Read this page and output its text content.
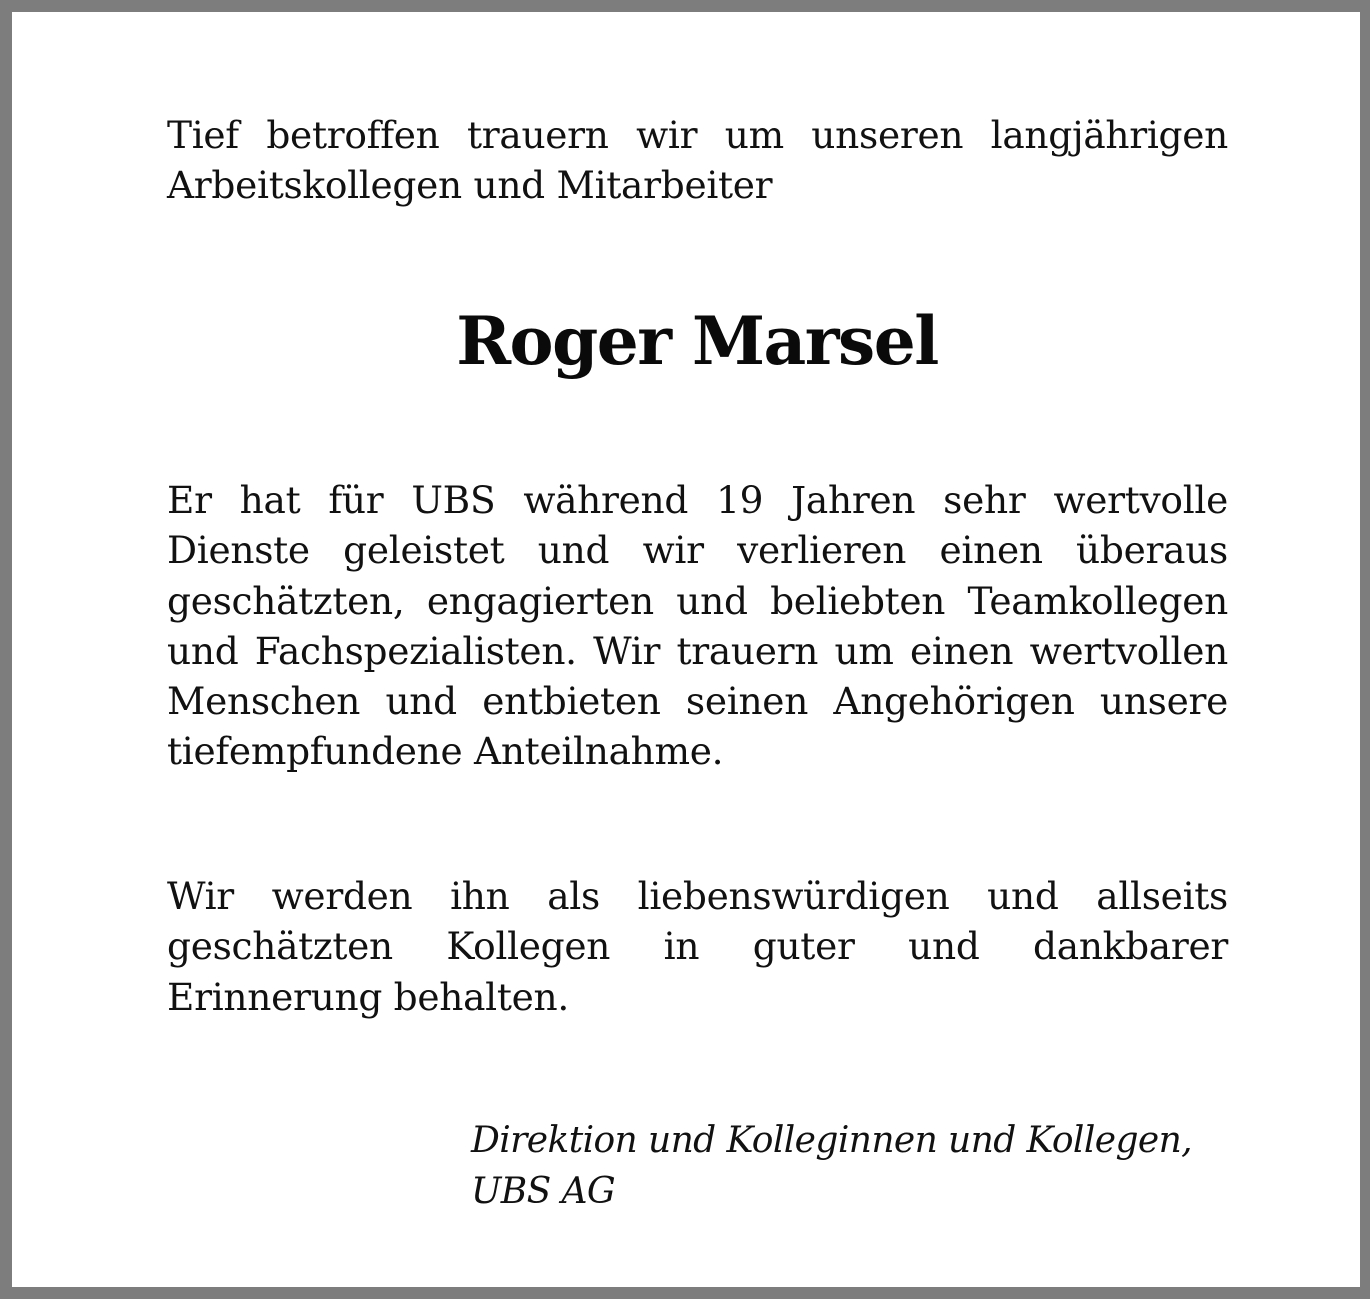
Tief betroffen trauern wir um unseren langjährigen Arbeitskollegen und Mitarbeiter

Roger Marsel

Er hat für UBS während 19 Jahren sehr wertvolle Dienste geleistet und wir verlieren einen überaus geschätzten, engagierten und beliebten Teamkollegen und Fachspezialisten. Wir trauern um einen wertvollen Menschen und entbieten seinen Angehörigen unsere tiefempfundene Anteilnahme.

Wir werden ihn als liebenswürdigen und allseits geschätzten Kollegen in guter und dankbarer Erinnerung behalten.

Direktion und Kolleginnen und Kollegen,
UBS AG
